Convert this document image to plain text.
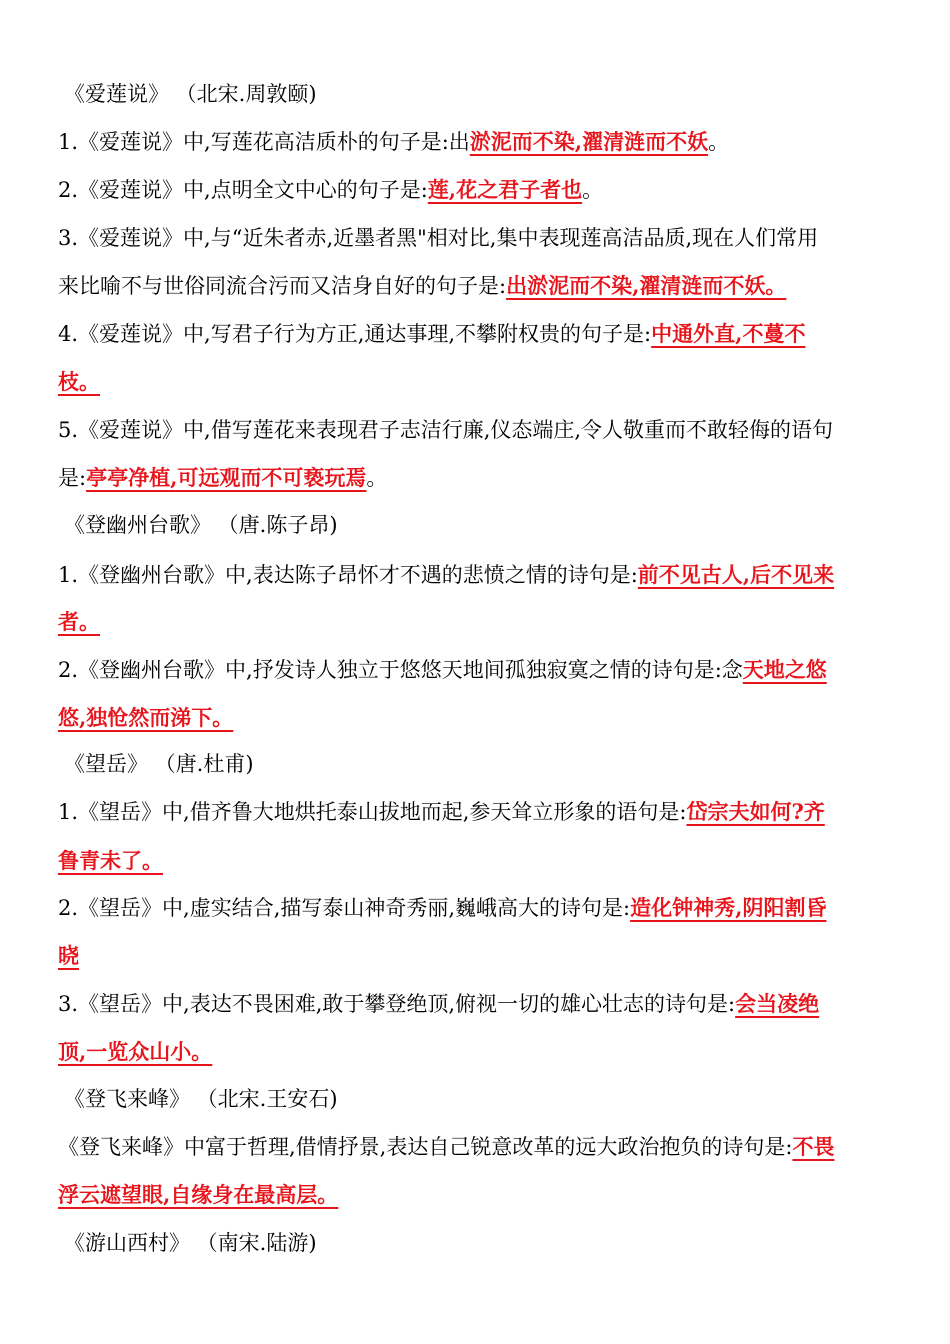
《爱莲说》 （北宋.周敦颐)
1.《爱莲说》中,写莲花高洁质朴的句子是:出淤泥而不染,濯清涟而不妖。
2.《爱莲说》中,点明全文中心的句子是:莲,花之君子者也。
3.《爱莲说》中,与“近朱者赤,近墨者黑"相对比,集中表现莲高洁品质,现在人们常用
来比喻不与世俗同流合污而又洁身自好的句子是:出淤泥而不染,濯清涟而不妖。
4.《爱莲说》中,写君子行为方正,通达事理,不攀附权贵的句子是:中通外直,不蔓不
枝。
5.《爱莲说》中,借写莲花来表现君子志洁行廉,仪态端庄,令人敬重而不敢轻侮的语句
是:亭亭净植,可远观而不可亵玩焉。
《登幽州台歌》 （唐.陈子昂)
1.《登幽州台歌》中,表达陈子昂怀才不遇的悲愤之情的诗句是:前不见古人,后不见来
者。
2.《登幽州台歌》中,抒发诗人独立于悠悠天地间孤独寂寞之情的诗句是:念天地之悠
悠,独怆然而涕下。
《望岳》 （唐.杜甫)
1.《望岳》中,借齐鲁大地烘托泰山拔地而起,参天耸立形象的语句是:岱宗夫如何?齐
鲁青未了。
2.《望岳》中,虚实结合,描写泰山神奇秀丽,巍峨高大的诗句是:造化钟神秀,阴阳割昏
晓
3.《望岳》中,表达不畏困难,敢于攀登绝顶,俯视一切的雄心壮志的诗句是:会当凌绝
顶,一览众山小。
《登飞来峰》 （北宋.王安石)
《登飞来峰》中富于哲理,借情抒景,表达自己锐意改革的远大政治抱负的诗句是:不畏
浮云遮望眼,自缘身在最高层。
《游山西村》 （南宋.陆游)
